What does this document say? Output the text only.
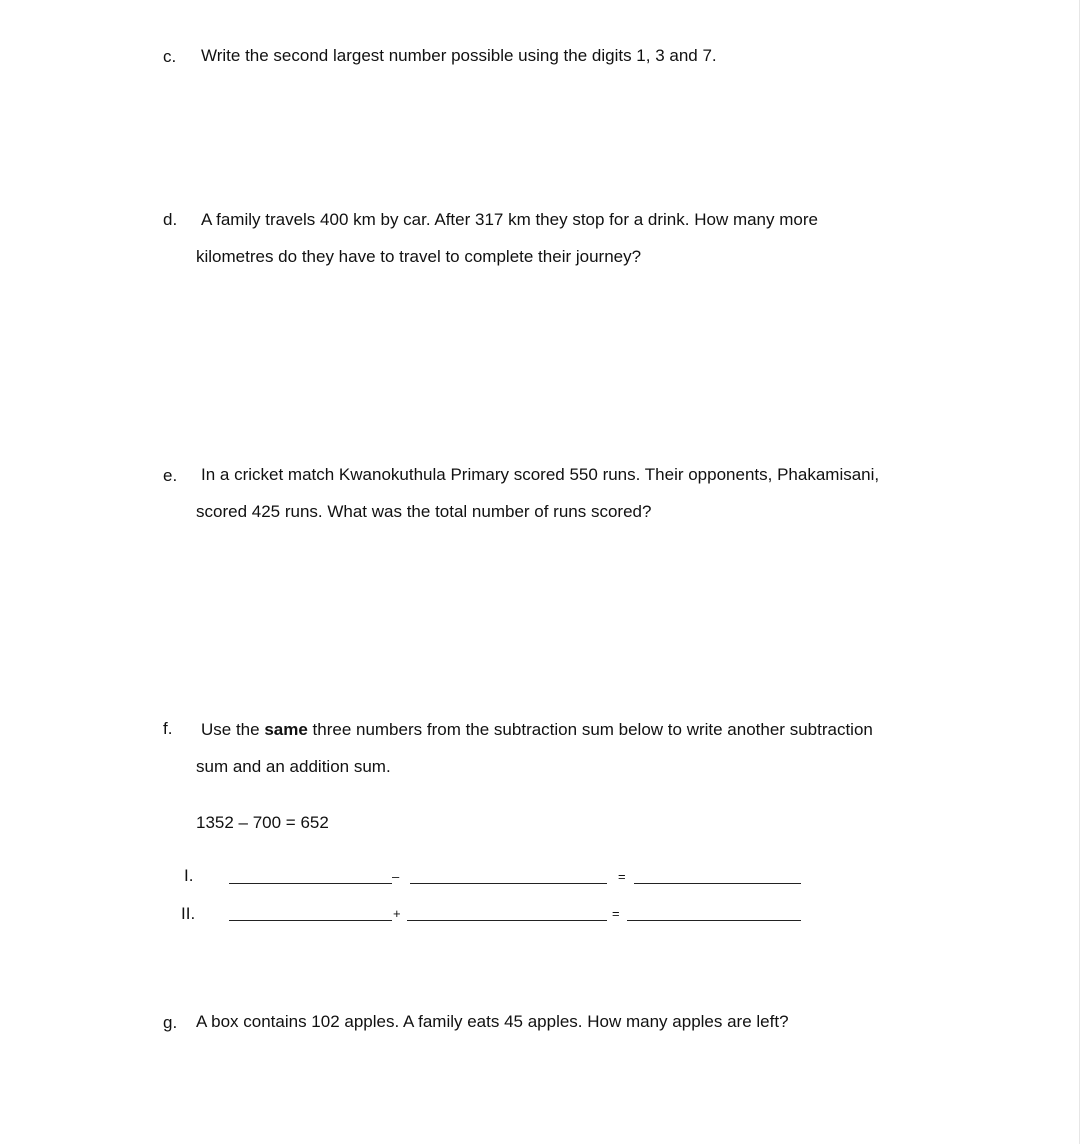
c. Write the second largest number possible using the digits 1, 3 and 7.
d. A family travels 400 km by car. After 317 km they stop for a drink. How many more
kilometres do they have to travel to complete their journey?
e. In a cricket match Kwanokuthula Primary scored 550 runs. Their opponents, Phakamisani,
scored 425 runs. What was the total number of runs scored?
f. Use the same three numbers from the subtraction sum below to write another subtraction
sum and an addition sum.
1352 – 700 = 652
I.	–	=
II.	+	=
g. A box contains 102 apples. A family eats 45 apples. How many apples are left?
